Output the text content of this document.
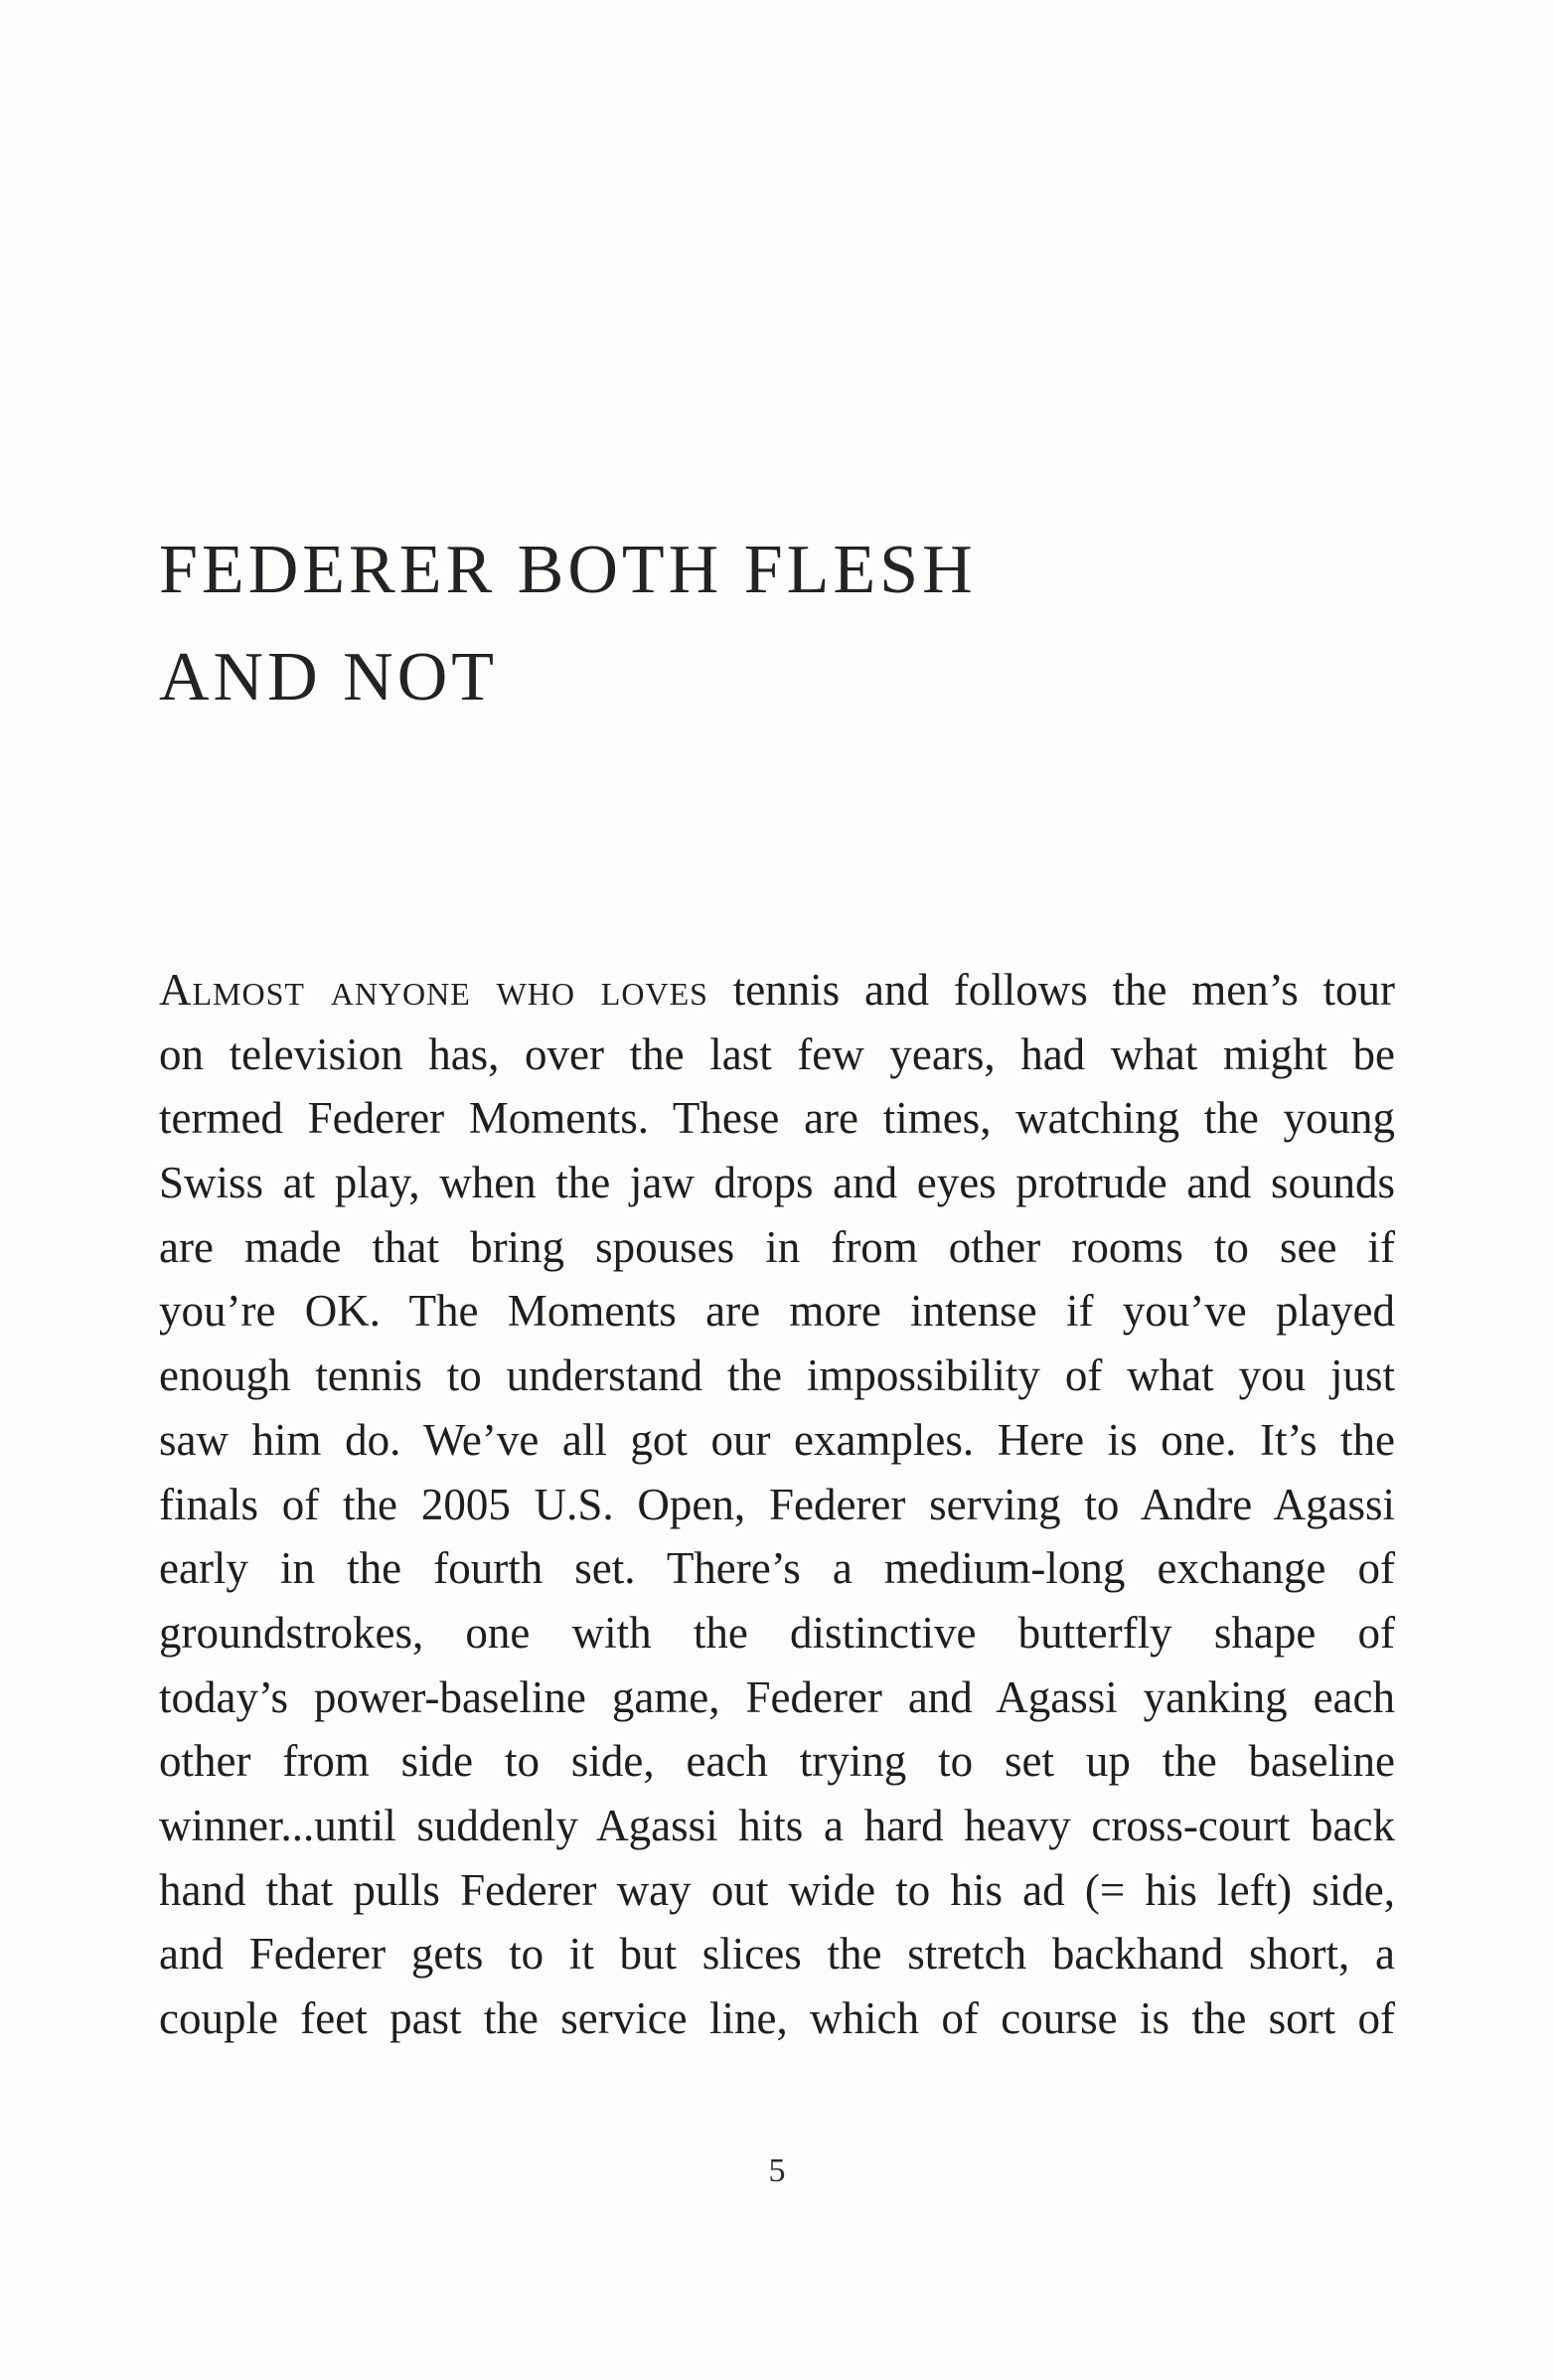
FEDERER BOTH FLESH
AND NOT
Almost anyone who loves tennis and follows the men’s tour
on television has, over the last few years, had what might be
termed Federer Moments. These are times, watching the young
Swiss at play, when the jaw drops and eyes protrude and sounds
are made that bring spouses in from other rooms to see if
you’re OK. The Moments are more intense if you’ve played
enough tennis to understand the impossibility of what you just
saw him do. We’ve all got our examples. Here is one. It’s the
finals of the 2005 U.S. Open, Federer serving to Andre Agassi
early in the fourth set. There’s a medium-long exchange of
groundstrokes, one with the distinctive butterfly shape of
today’s power-baseline game, Federer and Agassi yanking each
other from side to side, each trying to set up the baseline
winner...until suddenly Agassi hits a hard heavy cross-court back
hand that pulls Federer way out wide to his ad (= his left) side,
and Federer gets to it but slices the stretch backhand short, a
couple feet past the service line, which of course is the sort of
5
